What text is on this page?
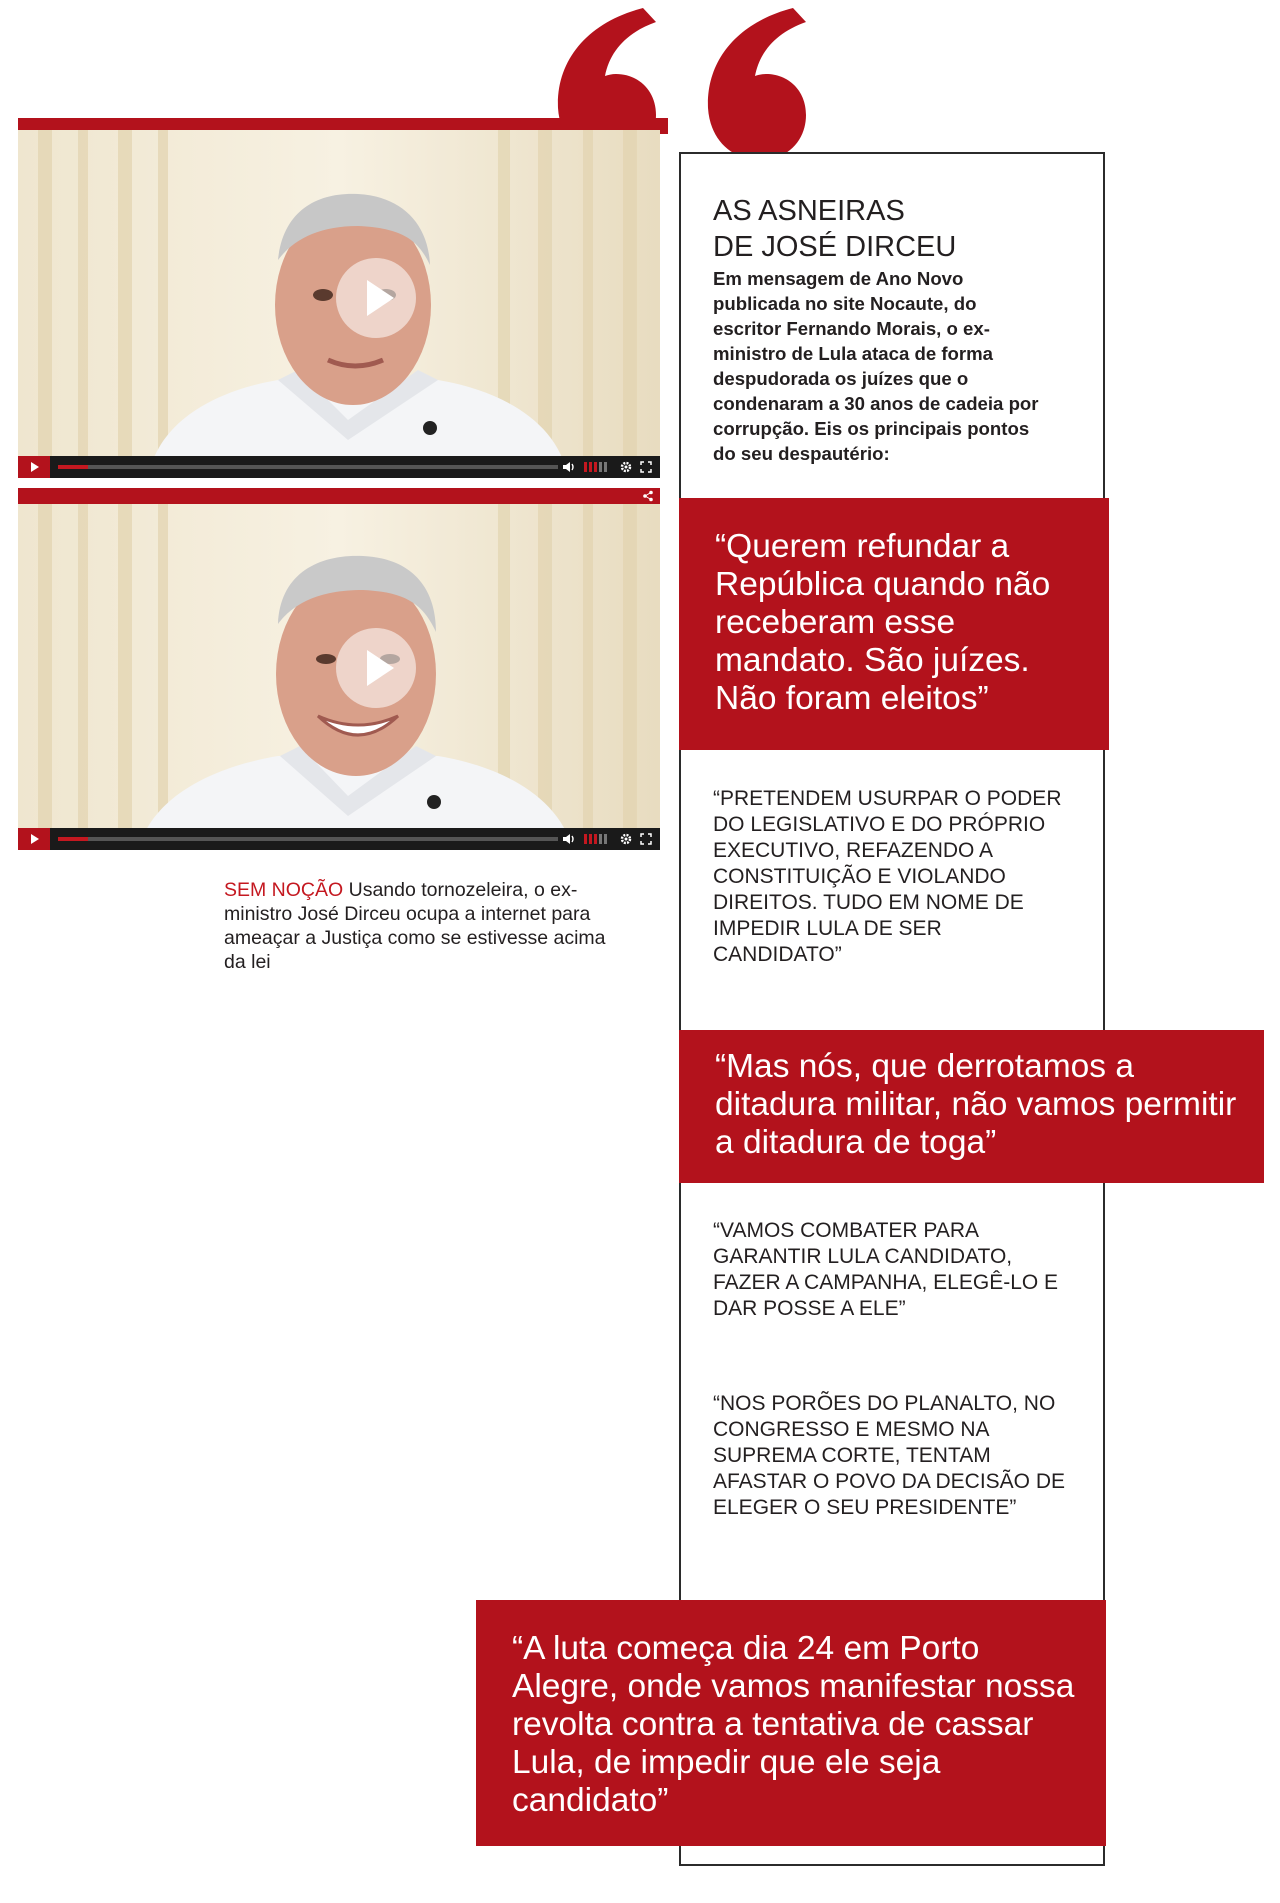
SEM NOÇÃO Usando tornozeleira, o ex-ministro José Dirceu ocupa a internet para ameaçar a Justiça como se estivesse acima da lei

AS ASNEIRAS
DE JOSÉ DIRCEU

Em mensagem de Ano Novo publicada no site Nocaute, do escritor Fernando Morais, o ex-ministro de Lula ataca de forma despudorada os juízes que o condenaram a 30 anos de cadeia por corrupção. Eis os principais pontos do seu despautério:

“Querem refundar a República quando não receberam esse mandato. São juízes. Não foram eleitos”

“PRETENDEM USURPAR O PODER DO LEGISLATIVO E DO PRÓPRIO EXECUTIVO, REFAZENDO A CONSTITUIÇÃO E VIOLANDO DIREITOS. TUDO EM NOME DE IMPEDIR LULA DE SER CANDIDATO”

“Mas nós, que derrotamos a ditadura militar, não vamos permitir a ditadura de toga”

“VAMOS COMBATER PARA GARANTIR LULA CANDIDATO, FAZER A CAMPANHA, ELEGÊ-LO E DAR POSSE A ELE”

“NOS PORÕES DO PLANALTO, NO CONGRESSO E MESMO NA SUPREMA CORTE, TENTAM AFASTAR O POVO DA DECISÃO DE ELEGER O SEU PRESIDENTE”

“A luta começa dia 24 em Porto Alegre, onde vamos manifestar nossa revolta contra a tentativa de cassar Lula, de impedir que ele seja candidato”
